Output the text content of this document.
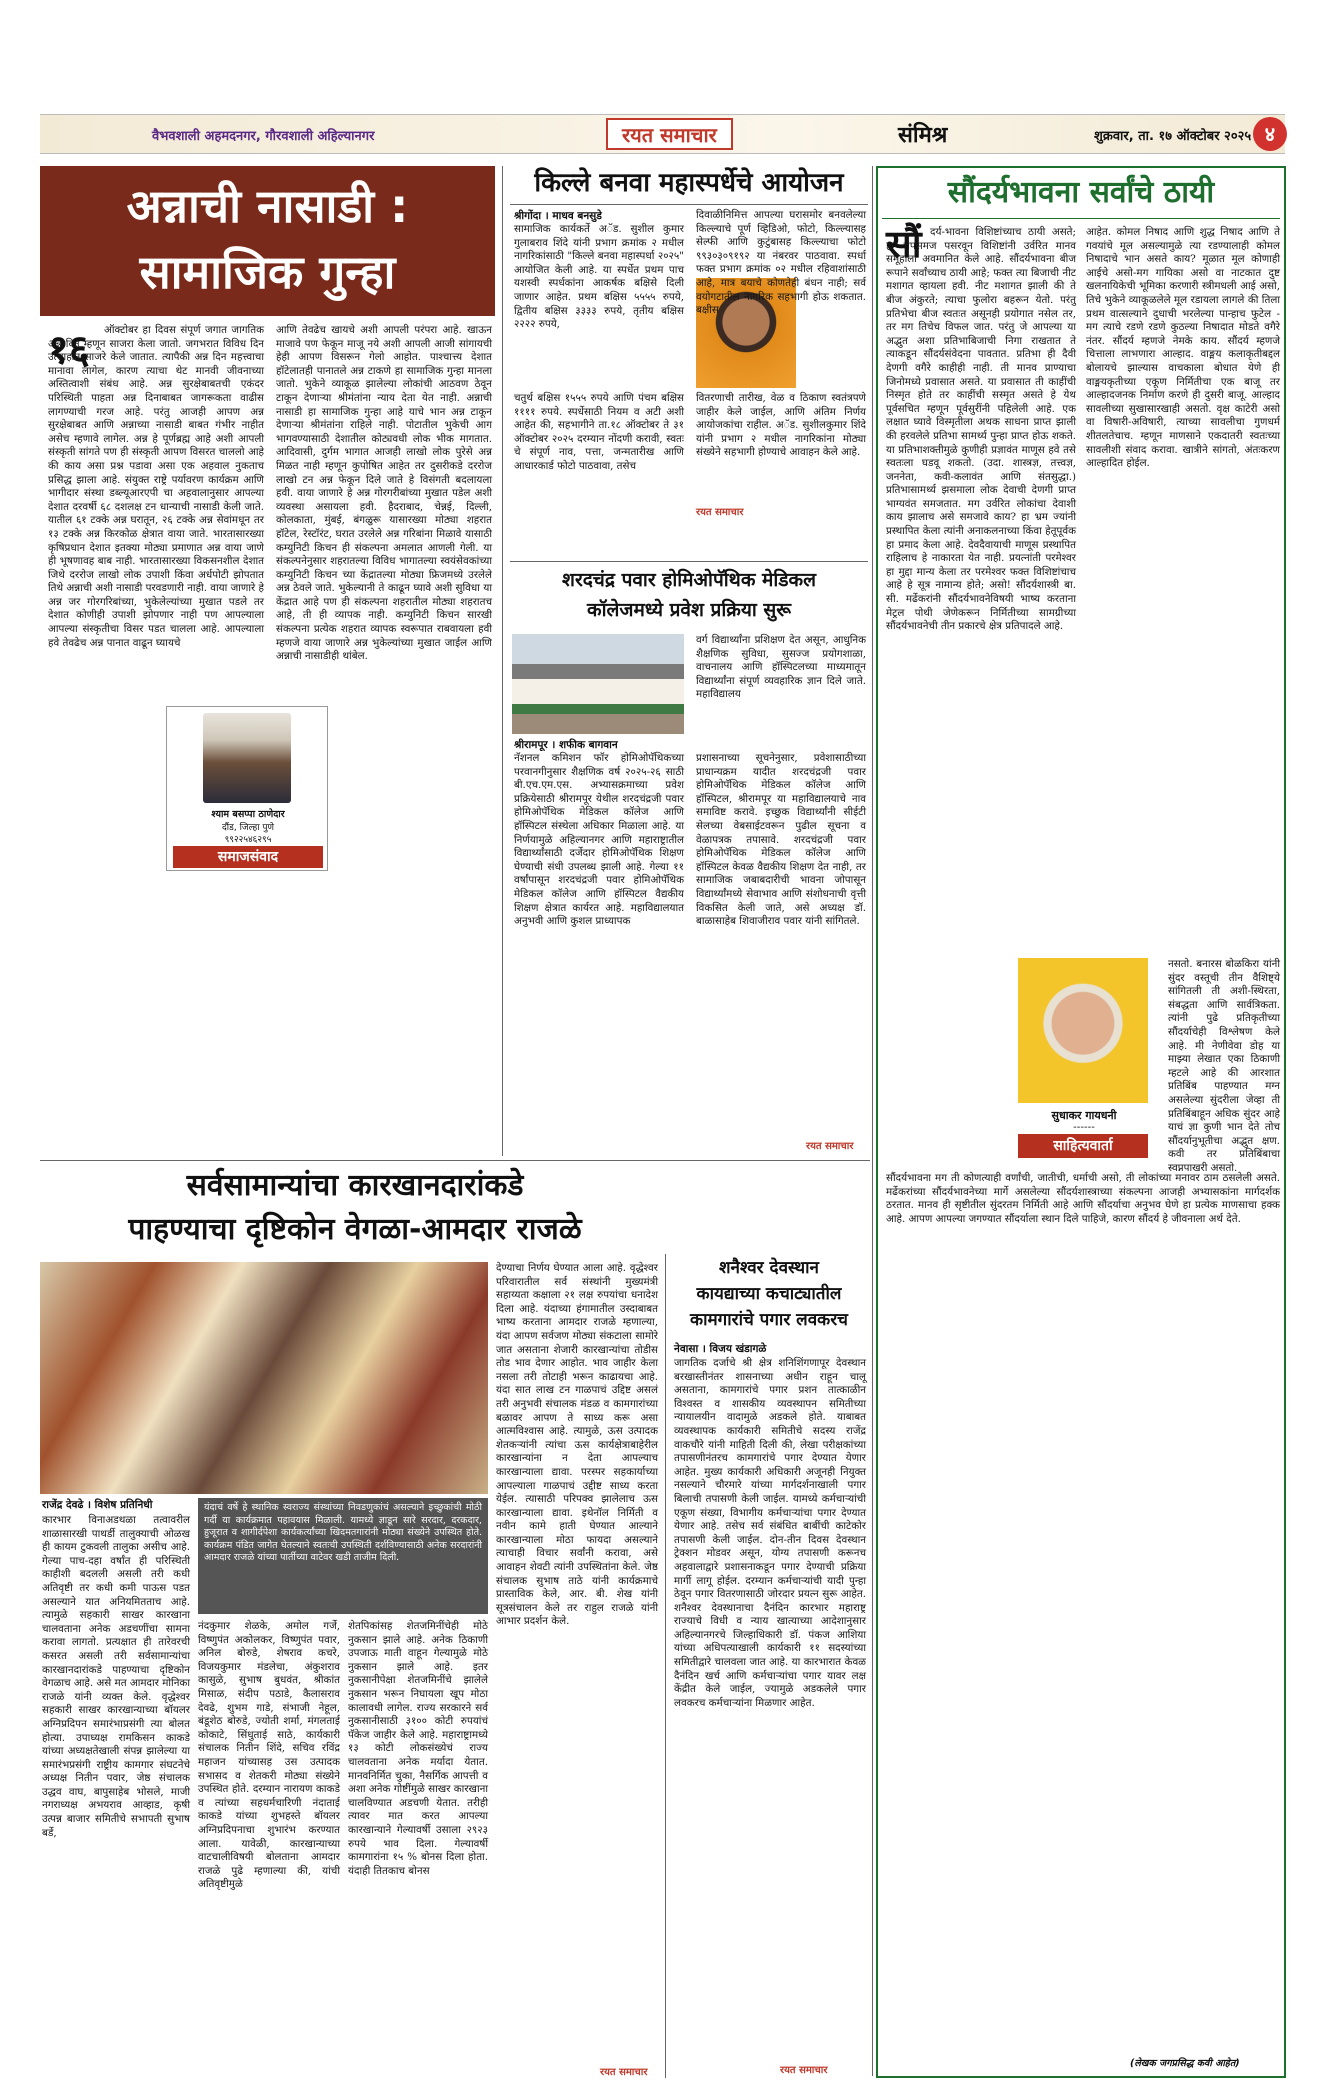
वैभवशाली अहमदनगर, गौरवशाली अहिल्यानगर	रयत समाचार	संमिश्र	शुक्रवार, ता. १७ ऑक्टोबर २०२५ ४
अन्नाची नासाडी :
सामाजिक गुन्हा
१६	ऑक्टोबर हा दिवस संपूर्ण जगात जागतिक अन्न दिन म्हणून साजरा केला जातो. जगभरात विविध दिन उत्साहात साजरे केले जातात. त्यापैकी अन्न दिन महत्त्वाचा मानावा लागेल, कारण त्याचा थेट मानवी जीवनाच्या अस्तित्वाशी संबंध आहे. अन्न सुरक्षेबाबतची एकंदर परिस्थिती पाहता अन्न दिनाबाबत जागरूकता वाढीस लागण्याची गरज आहे. परंतु आजही आपण अन्न सुरक्षेबाबत आणि अन्नाच्या नासाडी बाबत गंभीर नाहीत असेच म्हणावे लागेल. अन्न हे पूर्णब्रह्म आहे अशी आपली संस्कृती सांगते पण ही संस्कृती आपण विसरत चाललो आहे की काय असा प्रश्न पडावा असा एक अहवाल नुकताच प्रसिद्ध झाला आहे. संयुक्त राष्ट्रे पर्यावरण कार्यक्रम आणि भागीदार संस्था डब्ल्यूआरएपी चा अहवालानुसार आपल्या देशात दरवर्षी ६८ दशलक्ष टन धान्याची नासाडी केली जाते. यातील ६१ टक्के अन्न घरातून, २६ टक्के अन्न सेवांमधून तर १३ टक्के अन्न किरकोळ क्षेत्रात वाया जाते. भारतासारख्या कृषिप्रधान देशात इतक्या मोठ्या प्रमाणात अन्न वाया जाणे ही भूषणावह बाब नाही. भारतासारख्या विकसनशील देशात जिथे दररोज लाखो लोक उपाशी किंवा अर्धपोटी झोपतात तिथे अन्नाची अशी नासाडी परवडणारी नाही. वाया जाणारे हे अन्न जर गोरगरिबांच्या, भुकेलेल्यांच्या मुखात पडले तर देशात कोणीही उपाशी झोपणार नाही पण आपल्याला आपल्या संस्कृतीचा विसर पडत चालला आहे. आपल्याला हवे तेवढेच अन्न पानात वाढून घ्यायचे
आणि तेवढेच खायचे अशी आपली परंपरा आहे. खाऊन माजावे पण फेकून माजू नये अशी आपली आजी सांगायची हेही आपण विसरून गेलो आहोत. पाश्चात्त्य देशात हॉटेलातही पानातले अन्न टाकणे हा सामाजिक गुन्हा मानला जातो. भुकेने व्याकूळ झालेल्या लोकांची आठवण ठेवून टाकून देणाऱ्या श्रीमंतांना न्याय देता येत नाही. अन्नाची नासाडी हा सामाजिक गुन्हा आहे याचे भान अन्न टाकून देणाऱ्या श्रीमंतांना राहिले नाही. पोटातील भुकेची आग भागवण्यासाठी देशातील कोट्यवधी लोक भीक मागतात. आदिवासी, दुर्गम भागात आजही लाखो लोक पुरेसे अन्न मिळत नाही म्हणून कुपोषित आहेत तर दुसरीकडे दररोज लाखो टन अन्न फेकून दिले जाते हे विसंगती बदलायला हवी. वाया जाणारे हे अन्न गोरगरीबांच्या मुखात पडेल अशी व्यवस्था असायला हवी. हैदराबाद, चेन्नई, दिल्ली, कोलकाता, मुंबई, बंगळुरू यासारख्या मोठ्या शहरात हॉटेल, रेस्टॉरंट, घरात उरलेले अन्न गरिबांना मिळावे यासाठी कम्युनिटी किचन ही संकल्पना अमलात आणली गेली. या संकल्पनेनुसार शहरातल्या विविध भागातल्या स्वयंसेवकांच्या कम्युनिटी किचन च्या केंद्रातल्या मोठ्या फ्रिजमध्ये उरलेले अन्न ठेवले जाते. भुकेल्यानी ते काढून घ्यावे अशी सुविधा या केंद्रात आहे पण ही संकल्पना शहरातील मोठ्या शहरातच आहे, ती ही व्यापक नाही. कम्युनिटी किचन सारखी संकल्पना प्रत्येक शहरात व्यापक स्वरूपात राबवायला हवी म्हणजे वाया जाणारे अन्न भुकेल्यांच्या मुखात जाईल आणि अन्नाची नासाडीही थांबेल.
श्याम बसप्पा ठाणेदार
दौंड, जिल्हा पुणे
९९२२५४६२९५
समाजसंवाद
किल्ले बनवा महास्पर्धेचे आयोजन
श्रीगोंदा । माधव बनसुडे
सामाजिक कार्यकर्ते अॅड. सुशील कुमार गुलाबराव शिंदे यांनी प्रभाग क्रमांक २ मधील नागरिकांसाठी "किल्ले बनवा महास्पर्धा २०२५" आयोजित केली आहे. या स्पर्धेत प्रथम पाच यशस्वी स्पर्धकांना आकर्षक बक्षिसे दिली जाणार आहेत. प्रथम बक्षिस ५५५५ रुपये, द्वितीय बक्षिस ३३३३ रुपये, तृतीय बक्षिस २२२२ रुपये,
चतुर्थ बक्षिस १५५५ रुपये आणि पंचम बक्षिस ११११ रुपये. स्पर्धेसाठी नियम व अटी अशी आहेत की, सहभागीने ता.१८ ऑक्टोबर ते ३१ ऑक्टोबर २०२५ दरम्यान नोंदणी करावी, स्वतः चे संपूर्ण नाव, पत्ता, जन्मतारीख आणि आधारकार्ड फोटो पाठवावा, तसेच
दिवाळीनिमित्त आपल्या घरासमोर बनवलेल्या किल्ल्याचे पूर्ण व्हिडिओ, फोटो, किल्ल्यासह सेल्फी आणि कुटुंबासह किल्ल्याचा फोटो ९९३०३०९१९२ या नंबरवर पाठवावा. स्पर्धा फक्त प्रभाग क्रमांक ०२ मधील रहिवाशांसाठी आहे, मात्र बयाचे कोणतेही बंधन नाही; सर्व वयोगटातील नागरिक सहभागी होऊ शकतात. बक्षीस
वितरणाची तारीख, वेळ व ठिकाण स्वतंत्रपणे जाहीर केले जाईल, आणि अंतिम निर्णय आयोजकांचा राहील. अॅड. सुशीलकुमार शिंदे यांनी प्रभाग २ मधील नागरिकांना मोठ्या संख्येने सहभागी होण्याचे आवाहन केले आहे.
रयत समाचार
शरदचंद्र पवार होमिओपॅथिक मेडिकल
कॉलेजमध्ये प्रवेश प्रक्रिया सुरू
श्रीरामपूर । शफीक बागवान
वर्ग विद्यार्थ्यांना प्रशिक्षण देत असून, आधुनिक शैक्षणिक सुविधा, सुसज्ज प्रयोगशाळा, वाचनालय आणि हॉस्पिटलच्या माध्यमातून विद्यार्थ्यांना संपूर्ण व्यवहारिक ज्ञान दिले जाते. महाविद्यालय
नॅशनल कमिशन फॉर होमिओपॅथिकच्या परवानगीनुसार शैक्षणिक वर्ष २०२५-२६ साठी बी.एच.एम.एस. अभ्यासक्रमाच्या प्रवेश प्रक्रियेसाठी श्रीरामपूर येथील शरदचंद्रजी पवार होमिओपॅथिक मेडिकल कॉलेज आणि हॉस्पिटल संस्थेला अधिकार मिळाला आहे. या निर्णयामुळे अहिल्यानगर आणि महाराष्ट्रातील विद्यार्थ्यांसाठी दर्जेदार होमिओपॅथिक शिक्षण घेण्याची संधी उपलब्ध झाली आहे. गेल्या ११ वर्षांपासून शरदचंद्रजी पवार होमिओपॅथिक मेडिकल कॉलेज आणि हॉस्पिटल वैद्यकीय शिक्षण क्षेत्रात कार्यरत आहे. महाविद्यालयात अनुभवी आणि कुशल प्राध्यापक
प्रशासनाच्या सूचनेनुसार, प्रवेशासाठीच्या प्राधान्यक्रम यादीत शरदचंद्रजी पवार होमिओपॅथिक मेडिकल कॉलेज आणि हॉस्पिटल, श्रीरामपूर या महाविद्यालयाचे नाव समाविष्ट करावे. इच्छुक विद्यार्थ्यांनी सीईटी सेलच्या वेबसाईटवरून पुढील सूचना व वेळापत्रक तपासावे. शरदचंद्रजी पवार होमिओपॅथिक मेडिकल कॉलेज आणि हॉस्पिटल केवळ वैद्यकीय शिक्षण देत नाही, तर सामाजिक जबाबदारीची भावना जोपासून विद्यार्थ्यांमध्ये सेवाभाव आणि संशोधनाची वृत्ती विकसित केली जाते, असे अध्यक्ष डॉ. बाळासाहेब शिवाजीराव पवार यांनी सांगितले.
रयत समाचार
सौंदर्यभावना सर्वांचे ठायी
सौं दर्य-भावना विशिष्टांच्याच ठायी असते; हा अपसमज पसरवून विशिष्टांनी उर्वरित मानव समूहाला अवमानित केले आहे. सौंदर्यभावना बीज रूपाने सर्वांच्याच ठायी आहे; फक्त त्या बिजाची नीट मशागत व्हायला हवी. नीट मशागत झाली की ते बीज अंकुरते; त्याचा फुलोरा बहरून येतो. परंतु प्रतिभेचा बीज स्वतःत असूनही प्रयोगात नसेल तर, तर मग तिचेच विफल जात. परंतु जे आपल्या या अद्भुत अशा प्रतिभाबिजाची निगा राखतात ते त्याकडून सौंदर्यसंवेदना पावतात. प्रतिभा ही दैवी देणगी वगैरे काहीही नाही. ती मानव प्राण्याचा जिनोमध्ये प्रवासात असते. या प्रवासात ती काहींची निस्मृत होते तर काहींची सस्मृत असते हे येथ पूर्वसचित म्हणून पूर्वसुरींनी पहिलेली आहे. एक लक्षात घ्यावे विस्मृतीला अथक साधना प्राप्त झाली की हरवलेले प्रतिभा सामर्थ्य पुन्हा प्राप्त होऊ शकते. या प्रतिभाशक्तीमुळे कुणीही प्रज्ञावंत माणूस हवे तसे स्वतःला घडवू शकतो. (उदा. शास्त्रज्ञ, तत्त्वज्ञ, जननेता, कवी-कलावंत आणि संतसुद्धा.) प्रतिभासामर्थ्य झसमाला लोक देवाची देणगी प्राप्त भाग्यवंत समजतात. मग उर्वरित लोकांचा देवाशी काय झालाच असे समजावे काय? हा भ्रम ज्यांनी प्रस्थापित केला त्यांनी अनाकलनाच्या किंवा हेतूपूर्वक हा प्रमाद केला आहे. देवदैवायाची माणूस प्रस्थापित राहिलाच हे नाकारता येत नाही. प्रयत्नांती परमेश्वर हा मुद्दा मान्य केला तर परमेश्वर फक्त विशिष्टांचाच आहे हे सूत्र नामान्य होते; असो! सौंदर्यशास्त्री बा. सी. मर्ढेकरांनी सौंदर्यभावनेविषयी भाष्य करताना मेट्रल पोथी जेणेकरून निर्मितीच्या सामग्रीच्या सौंदर्यभावनेची तीन प्रकारचे क्षेत्र प्रतिपादले आहे.
आहेत. कोमल निषाद आणि शुद्ध निषाद आणि ते गवयांचे मूल असल्यामुळे त्या रडण्यालाही कोमल निषादाचे भान असते काय? मूळात मूल कोणाही आईचे असो-मग गायिका असो वा नाटकात दुष्ट खलनायिकेची भूमिका करणारी स्त्रीमधली आई असो, तिचे भुकेने व्याकूळलेले मूल रडायला लागले की तिला प्रथम वात्सल्याने दुधाची भरलेल्या पान्हाच फुटेल - मग त्याचे रडणे रडणे कुठल्या निषादात मोडते वगैरे नंतर. सौंदर्य म्हणजे नेमके काय. सौंदर्य म्हणजे चित्ताला लाभणारा आल्हाद. वाङ्मय कलाकृतीबद्दल बोलायचे झाल्यास वाचकाला बोधात येणे ही वाङ्मयकृतीच्या एकूण निर्मितीचा एक बाजू तर आल्हादजनक निर्माण करणे ही दुसरी बाजू. आल्हाद सावलीच्या सुखासारखाही असतो. वृक्ष काटेरी असो वा विषारी-अविषारी, त्याच्या सावलीचा गुणधर्म शीतलतेचाच. म्हणून माणसाने एकदातरी स्वतःच्या सावलीशी संवाद करावा. खात्रीने सांगतो, अंतःकरण आल्हादित होईल.
सुधाकर गायधनी
------
साहित्यवार्ता
नसतो. बनारस बोळकिरा यांनी सुंदर वस्तूची तीन वैशिष्ट्ये सांगितली ती अशी-स्थिरता, संबद्धता आणि सार्वत्रिकता. त्यांनी पुढे प्रतिकृतीच्या सौंदर्याचेही विश्लेषण केले आहे. मी नेणीवेवा डोह या माझ्या लेखात एका ठिकाणी म्हटले आहे की आरशात प्रतिबिंब पाहण्यात मग्न असलेल्या सुंदरीला जेव्हा ती प्रतिबिंबाहून अधिक सुंदर आहे याचं ज्ञा कुणी भान देते तोच सौंदर्यानुभूतीचा अद्भुत क्षण. कवी तर प्रतिबिंबाचा स्वप्नपाखरी असतो.
सौंदर्यभावना मग ती कोणत्याही वर्णांची, जातीची, धर्माची असो, ती लोकांच्या मनावर ठाम ठसलेली असते. मर्ढेकरांच्या सौंदर्यभावनेच्या मार्गे असलेल्या सौंदर्यशास्त्राच्या संकल्पना आजही अभ्यासकांना मार्गदर्शक ठरतात. मानव ही सृष्टीतील सुंदरतम निर्मिती आहे आणि सौंदर्याचा अनुभव घेणे हा प्रत्येक माणसाचा हक्क आहे. आपण आपल्या जगण्यात सौंदर्याला स्थान दिले पाहिजे, कारण सौंदर्य हे जीवनाला अर्थ देते.
(लेखक जगप्रसिद्ध कवी आहेत)
सर्वसामान्यांचा कारखानदारांकडे
पाहण्याचा दृष्टिकोन वेगळा-आमदार राजळे
राजेंद्र देवढे । विशेष प्रतिनिधी	यंदाचं वर्षे हे स्थानिक स्वराज्य संस्थांच्या निवडणुकांचं असल्याने इच्छुकांची मोठी गर्दी या कार्यक्रमात पहावयास मिळाली. यामध्ये ज्ञाडून सारे सरदार, दरकदार, हुजूरात व शागीर्दपेशा कार्यकर्त्यांच्या खिदमतगारांनी मोठ्या संख्येने उपस्थित होते. कार्यक्रम पंडित जागेत घेतल्याने स्वतःची उपस्थिती दर्शविण्यासाठी अनेक सरदारांनी आमदार राजळे यांच्या पार्तीच्या वाटेवर खडी ताजीम दिली.
कारभार विनाअडथळा तत्वावरील शाळासारखी पाथर्डी तालुक्याची ओळख ही कायम टुकवली तालुका असीच आहे. गेल्या पाच-दहा वर्षांत ही परिस्थिती काहीशी बदलली असली तरी कधी अतिवृष्टी तर कधी कमी पाऊस पडत असल्याने यात अनियमितताच आहे. त्यामुळे सहकारी साखर कारखाना चालवताना अनेक अडचणींचा सामना करावा लागतो. प्रत्यक्षात ही तारेवरची कसरत असली तरी सर्वसामान्यांचा कारखानदारांकडे पाहण्याचा दृष्टिकोन वेगळाच आहे. असे मत आमदार मोनिका राजळे यांनी व्यक्त केले. वृद्धेश्वर सहकारी साखर कारखान्याच्या बॉयलर अग्निप्रदिपन समारंभाप्रसंगी त्या बोलत होत्या. उपाध्यक्ष रामकिसन काकडे यांच्या अध्यक्षतेखाली संपन्न झालेल्या या समारंभप्रसंगी राष्ट्रीय कामगार संघटनेचे अध्यक्ष नितीन पवार, जेष्ठ संचालक उद्धव वाघ, बापुसाहेब भोसले, माजी नगराध्यक्ष अभयराव आव्हाड, कृषी उत्पन्न बाजार समितीचे सभापती सुभाष बर्डे,
नंदकुमार शेळके, अमोल गर्जे, विष्णुपंत अकोलकर, विष्णुपंत पवार, अनिल बोरुडे, शेषराव कचरे, विजयकुमार मंडलेचा, अंकुशराव कासुळे, सुभाष बुधवंत, श्रीकांत मिसाळ, संदीप पठाडे, कैलासराव देवढे, शुभम गाडे, संभाजी नेहूल, बंडूशेठ बोरुडे, ज्योती शर्मा, मंगलताई कोकाटे, सिंधुताई साठे, कार्यकारी संचालक नितीन शिंदे, सचिव रविंद्र महाजन यांच्यासह उस उत्पादक सभासद व शेतकरी मोठ्या संख्येने उपस्थित होते. दरम्यान नारायण काकडे व त्यांच्या सहधर्मचारिणी नंदाताई काकडे यांच्या शुभहस्ते बॉयलर अग्निप्रदिपनाचा शुभारंभ करण्यात आला. यावेळी, कारखान्याच्या वाटचालीविषयी बोलताना आमदार राजळे पुढे म्हणाल्या की, यांची अतिवृष्टीमुळे
शेतपिकांसह शेतजमिनींचेही मोठे नुकसान झाले आहे. अनेक ठिकाणी उपजाऊ माती वाहून गेल्यामुळे मोठे नुकसान झाले आहे. इतर नुकसानीपेक्षा शेतजमिनींचे झालेले नुकसान भरून निघायला खूप मोठा कालावधी लागेल. राज्य सरकारने सर्व नुकसानीसाठी ३१०० कोटी रुपयांचं पॅकेज जाहीर केले आहे. महाराष्ट्रामध्ये १३ कोटी लोकसंख्येचं राज्य चालवताना अनेक मर्यादा येतात. मानवनिर्मित चुका, नैसर्गिक आपत्ती व अशा अनेक गोष्टींमुळे साखर कारखाना चालविण्यात अडचणी येतात. तरीही त्यावर मात करत आपल्या कारखान्याने गेल्यावर्षी उसाला २९२३ रुपये भाव दिला. गेल्यावर्षी कामगारांना १५ % बोनस दिला होता. यंदाही तितकाच बोनस
देण्याचा निर्णय घेण्यात आला आहे. वृद्धेश्वर परिवारातील सर्व संस्थांनी मुख्यमंत्री सहाय्यता कक्षाला २१ लक्ष रुपयांचा धनादेश दिला आहे. यंदाच्या हंगामातील उस्दाबाबत भाष्य करताना आमदार राजळे म्हणाल्या, यंदा आपण सर्वजण मोठ्या संकटाला सामोरे जात असताना शेजारी कारखान्यांचा तोडीस तोड भाव देणार आहोत. भाव जाहीर केला नसला तरी तोटाही भरून काढायचा आहे. यंदा सात लाख टन गाळपाचं उद्दिष्ट असलं तरी अनुभवी संचालक मंडळ व कामगारांच्या बळावर आपण ते साध्य करू असा आत्मविश्वास आहे. त्यामुळे, ऊस उत्पादक शेतकऱ्यांनी त्यांचा ऊस कार्यक्षेत्राबाहेरील कारखान्यांना न देता आपल्याच कारखान्याला द्यावा. परस्पर सहकार्याच्या आपल्याला गाळपाचं उद्दीष्ट साध्य करता येईल. त्यासाठी परिपक्व झालेलाच ऊस कारखान्याला द्यावा. इथेनॉल निर्मिती व नवीन कामे हाती घेण्यात आल्याने कारखान्याला मोठा फायदा असल्याने त्याचाही विचार सर्वांनी करावा, असे आवाहन शेवटी त्यांनी उपस्थितांना केले. जेष्ठ संचालक सुभाष ताठे यांनी कार्यक्रमाचे प्रास्ताविक केले, आर. बी. शेख यांनी सूत्रसंचालन केले तर राहुल राजळे यांनी आभार प्रदर्शन केले.
रयत समाचार
शनैश्वर देवस्थान
कायद्याच्या कचाट्यातील
कामगारांचे पगार लवकरच
नेवासा । विजय खंडागळे
जागतिक दर्जाचे श्री क्षेत्र शनिशिंगणापूर देवस्थान बरखास्तीनंतर शासनाच्या अधीन राहून चालू असताना, कामगारांचे पगार प्रशन तात्काळीन विश्वस्त व शासकीय व्यवस्थापन समितीच्या न्यायालयीन वादामुळे अडकले होते. याबाबत व्यवस्थापक कार्यकारी समितीचे सदस्य राजेंद्र वाकचौरे यांनी माहिती दिली की, लेखा परीक्षकांच्या तपासणीनंतरच कामगारांचे पगार देण्यात येणार आहेत. मुख्य कार्यकारी अधिकारी अजूनही नियुक्त नसल्याने चौरमारे यांच्या मार्गदर्शनाखाली पगार बिलाची तपासणी केली जाईल. यामध्ये कर्मचाऱ्यांची एकूण संख्या, विभागीय कर्मचाऱ्यांचा पगार देण्यात येणार आहे. तसेच सर्व संबंधित बाबींची काटेकोर तपासणी केली जाईल. दोन-तीन दिवस देवस्थान ट्रेक्शन मोडवर असून, योग्य तपासणी करूनच अहवालाद्वारे प्रशासनाकडून पगार देण्याची प्रक्रिया मार्गी लागू होईल. दरम्यान कर्मचाऱ्यांची यादी पुन्हा ठेवून पगार वितरणासाठी जोरदार प्रयत्न सुरू आहेत. शनैश्वर देवस्थानाचा दैनंदिन कारभार महाराष्ट्र राज्याचे विधी व न्याय खात्याच्या आदेशानुसार अहिल्यानगरचे जिल्हाधिकारी डॉ. पंकज आशिया यांच्या अधिपत्याखाली कार्यकारी ११ सदस्यांच्या समितीद्वारे चालवला जात आहे. या कारभारात केवळ दैनंदिन खर्च आणि कर्मचाऱ्यांचा पगार यावर लक्ष केंद्रीत केले जाईल, ज्यामुळे अडकलेले पगार लवकरच कर्मचाऱ्यांना मिळणार आहेत.
रयत समाचार
